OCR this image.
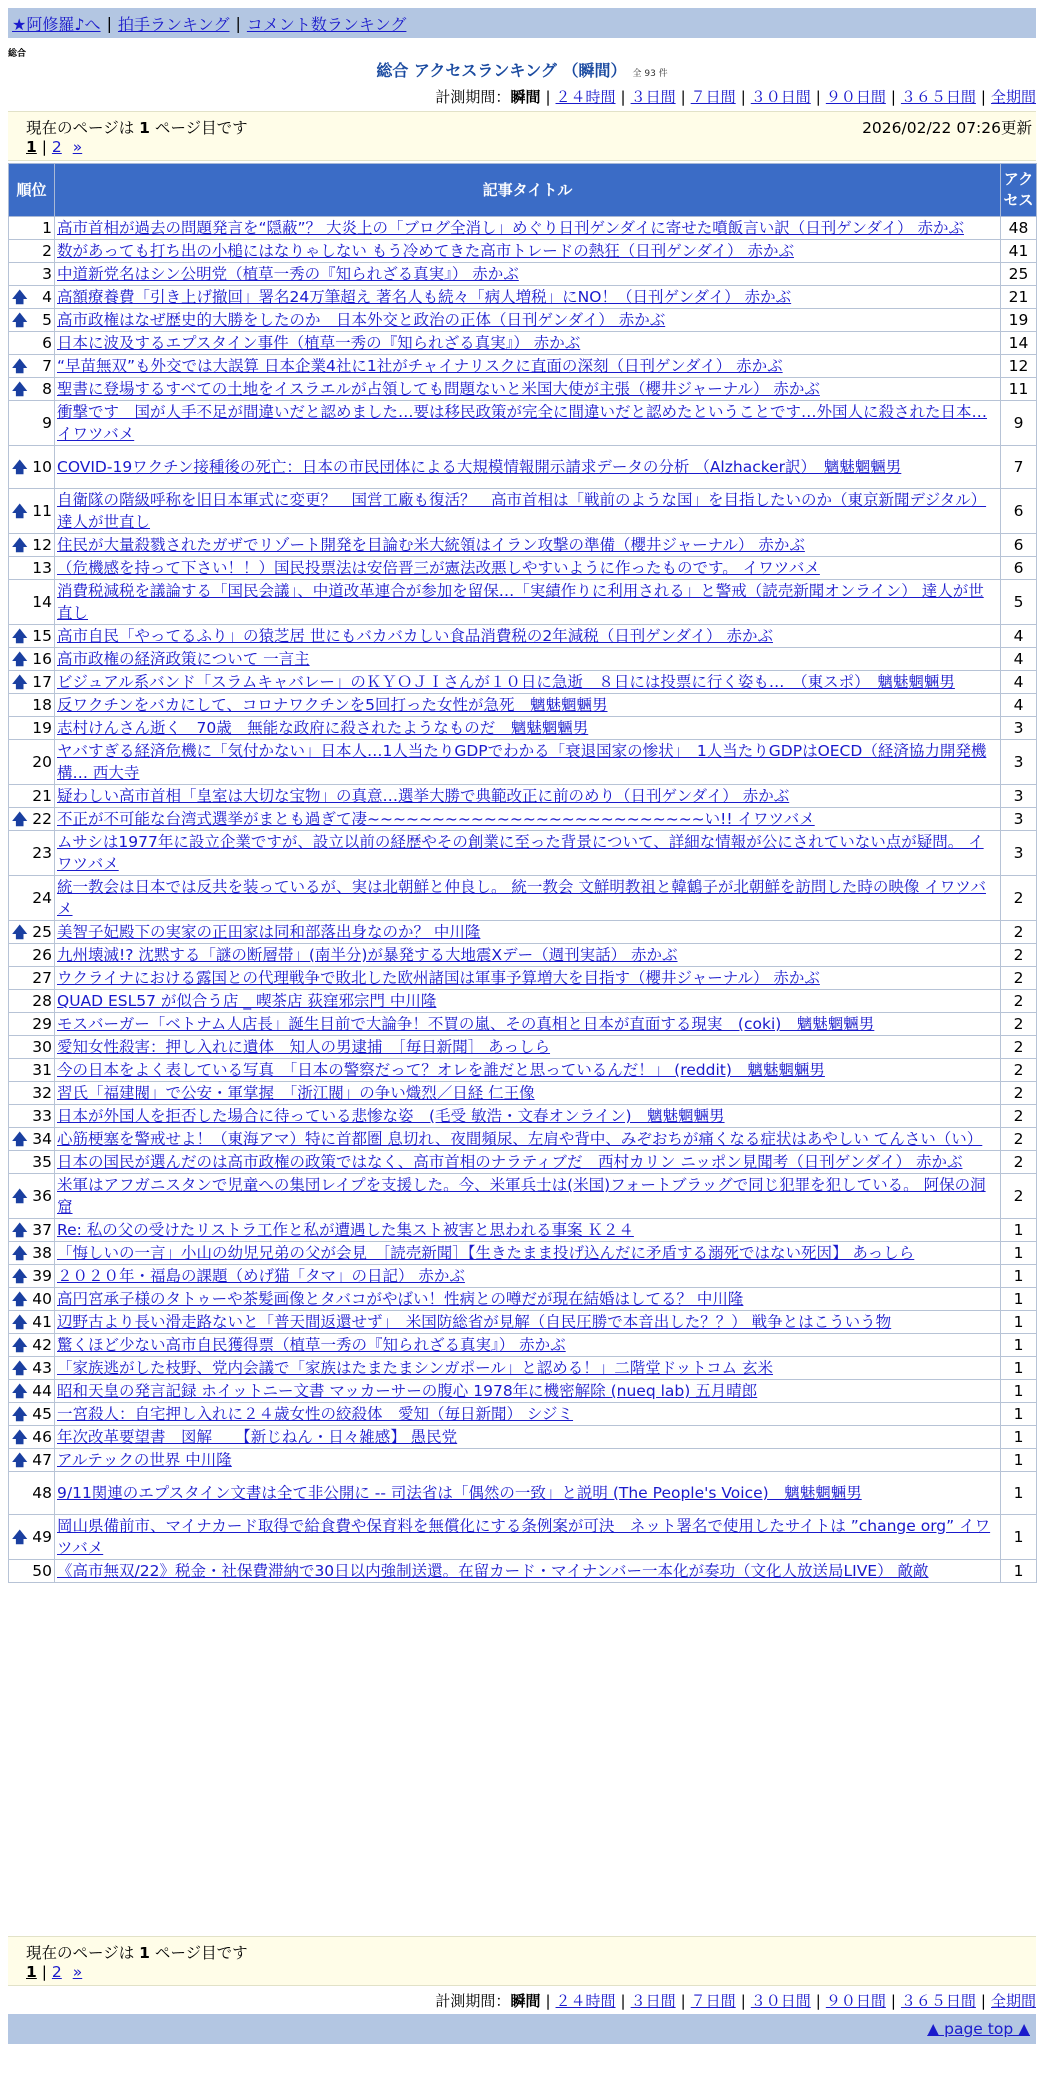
★阿修羅♪へ | 拍手ランキング | コメント数ランキング
総合
総合 アクセスランキング （瞬間） 全 93 件
計測期間：瞬間 | ２４時間 | ３日間 | ７日間 | ３０日間 | ９０日間 | ３６５日間 | 全期間
現在のページは 1 ページ目です	2026/02/22 07:26更新
1 | 2 »
順位	記事タイトル	アクセス
1	高市首相が過去の問題発言を“隠蔽”？ 大炎上の「ブログ全消し」めぐり日刊ゲンダイに寄せた噴飯言い訳（日刊ゲンダイ） 赤かぶ	48
2	数があっても打ち出の小槌にはなりゃしない もう冷めてきた高市トレードの熱狂（日刊ゲンダイ） 赤かぶ	41
3	中道新党名はシン公明党（植草一秀の『知られざる真実』） 赤かぶ	25

🡅 4	高額療養費「引き上げ撤回」署名24万筆超え 著名人も続々「病人増税」にNO！（日刊ゲンダイ） 赤かぶ	21

🡅 5	高市政権はなぜ歴史的大勝をしたのか　日本外交と政治の正体（日刊ゲンダイ） 赤かぶ	19
6	日本に波及するエプスタイン事件（植草一秀の『知られざる真実』） 赤かぶ	14

🡅 7	“早苗無双”も外交では大誤算 日本企業4社に1社がチャイナリスクに直面の深刻（日刊ゲンダイ） 赤かぶ	12

🡅 8	聖書に登場するすべての土地をイスラエルが占領しても問題ないと米国大使が主張（櫻井ジャーナル） 赤かぶ	11
9	衝撃です　国が人手不足が間違いだと認めました…要は移民政策が完全に間違いだと認めたということです…外国人に殺された日本… イワツバメ	9

🡅 10	COVID-19ワクチン接種後の死亡：日本の市民団体による大規模情報開示請求データの分析 （Alzhacker訳）　魑魅魍魎男	7

🡅 11	自衛隊の階級呼称を旧日本軍式に変更？　国営工廠も復活？　高市首相は「戦前のような国」を目指したいのか（東京新聞デジタル） 達人が世直し	6

🡅 12	住民が大量殺戮されたガザでリゾート開発を目論む米大統領はイラン攻撃の準備（櫻井ジャーナル） 赤かぶ	6
13	（危機感を持って下さい！！）国民投票法は安倍晋三が憲法改悪しやすいように作ったものです。 イワツバメ	6
14	消費税減税を議論する「国民会議」、中道改革連合が参加を留保…「実績作りに利用される」と警戒（読売新聞オンライン） 達人が世直し	5

🡅 15	高市自民「やってるふり」の猿芝居 世にもバカバカしい食品消費税の2年減税（日刊ゲンダイ） 赤かぶ	4

🡅 16	高市政権の経済政策について 一言主	4

🡅 17	ビジュアル系バンド「スラムキャバレー」のＫＹＯＪＩさんが１０日に急逝　８日には投票に行く姿も…　（東スポ）　魑魅魍魎男	4
18	反ワクチンをバカにして、コロナワクチンを5回打った女性が急死　魑魅魍魎男	4
19	志村けんさん逝く　70歳　無能な政府に殺されたようなものだ　魑魅魍魎男	3
20	ヤバすぎる経済危機に「気付かない」日本人…1人当たりGDPでわかる「衰退国家の惨状」　1人当たりGDPはOECD（経済協力開発機構… 西大寺	3
21	疑わしい高市首相「皇室は大切な宝物」の真意…選挙大勝で典範改正に前のめり（日刊ゲンダイ） 赤かぶ	3

🡅 22	不正が不可能な台湾式選挙がまとも過ぎて凄~~~~~~~~~~~~~~~~~~~~~~~~~~い!! イワツバメ	3
23	ムサシは1977年に設立企業ですが、設立以前の経歴やその創業に至った背景について、詳細な情報が公にされていない点が疑問。 イワツバメ	3
24	統一教会は日本では反共を装っているが、実は北朝鮮と仲良し。 統一教会 文鮮明教祖と韓鶴子が北朝鮮を訪問した時の映像 イワツバメ	2

🡅 25	美智子妃殿下の実家の正田家は同和部落出身なのか？ 中川隆	2
26	九州壊滅!? 沈黙する「謎の断層帯」(南半分)が暴発する大地震Xデー（週刊実話） 赤かぶ	2
27	ウクライナにおける露国との代理戦争で敗北した欧州諸国は軍事予算増大を目指す（櫻井ジャーナル） 赤かぶ	2
28	QUAD ESL57 が似合う店 _ 喫茶店 荻窪邪宗門 中川隆	2
29	モスバーガー「ベトナム人店長」誕生目前で大論争！不買の嵐、その真相と日本が直面する現実　(coki)　魑魅魍魎男	2
30	愛知女性殺害：押し入れに遺体　知人の男逮捕　［毎日新聞］ あっしら	2
31	今の日本をよく表している写真　「日本の警察だって？オレを誰だと思っているんだ！」 (reddit)　魑魅魍魎男	2
32	習氏「福建閥」で公安・軍掌握　「浙江閥」の争い熾烈／日経 仁王像	2
33	日本が外国人を拒否した場合に待っている悲惨な姿　(毛受 敏浩・文春オンライン)　魑魅魍魎男	2

🡅 34	心筋梗塞を警戒せよ！（東海アマ）特に首都圏 息切れ、夜間頻尿、左肩や背中、みぞおちが痛くなる症状はあやしい てんさい（い）	2
35	日本の国民が選んだのは高市政権の政策ではなく、高市首相のナラティブだ　西村カリン ニッポン見聞考（日刊ゲンダイ） 赤かぶ	2

🡅 36	米軍はアフガニスタンで児童への集団レイプを支援した。今、米軍兵士は(米国)フォートブラッグで同じ犯罪を犯している。 阿保の洞窟	2

🡅 37	Re: 私の父の受けたリストラ工作と私が遭遇した集スト被害と思われる事案 Ｋ２４	1

🡅 38	「悔しいの一言」小山の幼児兄弟の父が会見　［読売新聞］【生きたまま投げ込んだに矛盾する溺死ではない死因】 あっしら	1

🡅 39	２０２０年・福島の課題（めげ猫「タマ」の日記） 赤かぶ	1

🡅 40	高円宮承子様のタトゥーや茶髪画像とタバコがやばい！性病との噂だが現在結婚はしてる？ 中川隆	1

🡅 41	辺野古より長い滑走路ないと「普天間返還せず」　米国防総省が見解（自民圧勝で本音出した？？） 戦争とはこういう物	1

🡅 42	驚くほど少ない高市自民獲得票（植草一秀の『知られざる真実』） 赤かぶ	1

🡅 43	「家族逃がした枝野、党内会議で「家族はたまたまシンガポール」と認める！」二階堂ドットコム 玄米	1

🡅 44	昭和天皇の発言記録 ホイットニー文書 マッカーサーの腹心 1978年に機密解除 (nueq lab) 五月晴郎	1

🡅 45	一宮殺人：自宅押し入れに２４歳女性の絞殺体　愛知（毎日新聞） シジミ	1

🡅 46	年次改革要望書　図解　　【新じねん・日々雑感】 愚民党	1

🡅 47	アルテックの世界 中川隆	1
48	9/11関連のエプスタイン文書は全て非公開に -- 司法省は「偶然の一致」と説明 (The People's Voice)　魑魅魍魎男	1

🡅 49	岡山県備前市、マイナカード取得で給食費や保育料を無償化にする条例案が可決　ネット署名で使用したサイトは ”change org” イワツバメ	1
50	《高市無双/22》税金・社保費滞納で30日以内強制送還。在留カード・マイナンバー一本化が奏功（文化人放送局LIVE） 敵敵	1
現在のページは 1 ページ目です
1 | 2 »
計測期間：瞬間 | ２４時間 | ３日間 | ７日間 | ３０日間 | ９０日間 | ３６５日間 | 全期間
▲ page top ▲
